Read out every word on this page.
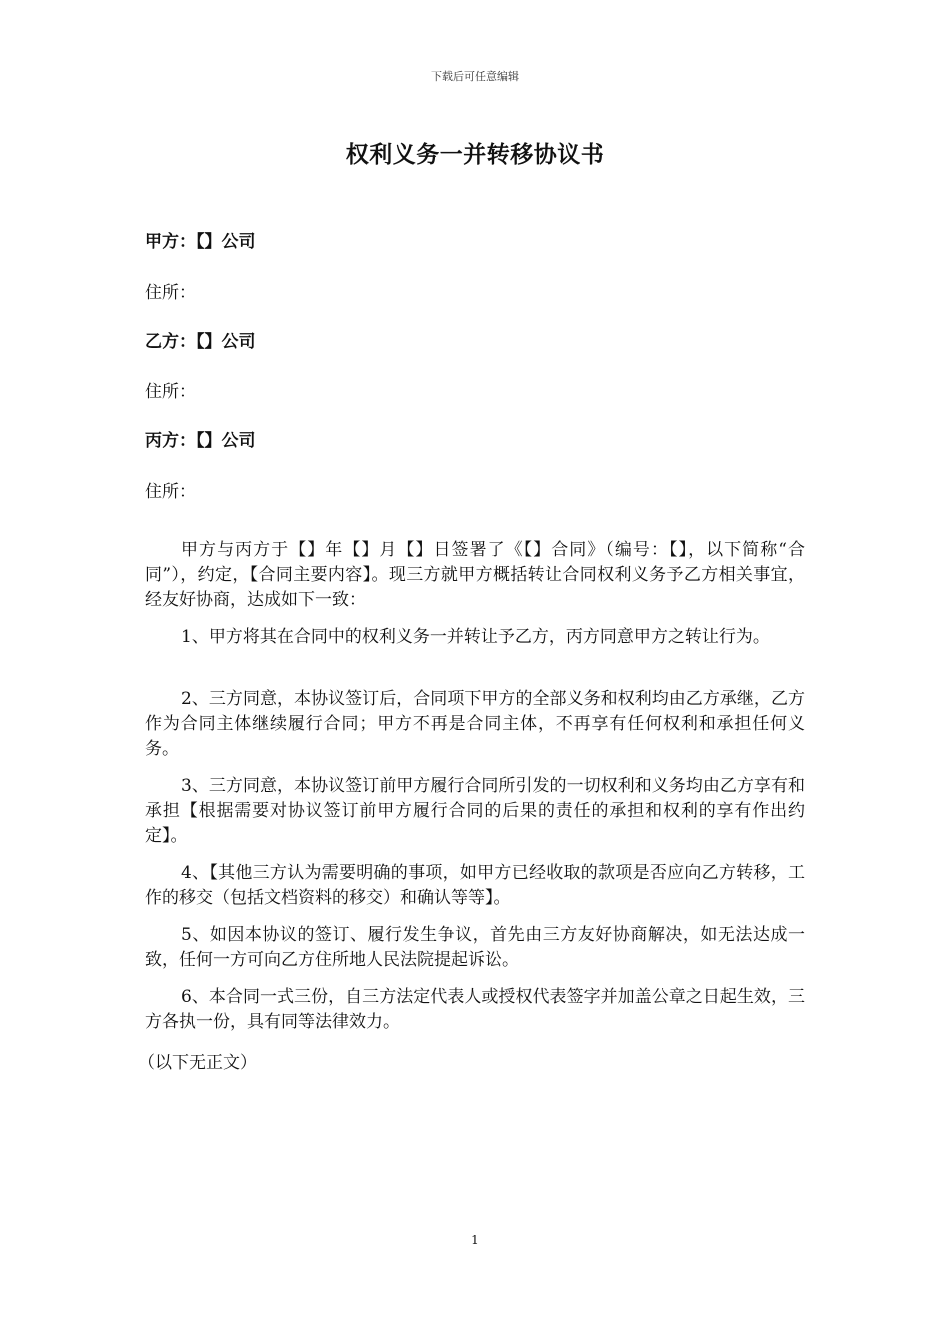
下载后可任意编辑
权利义务一并转移协议书
甲方：【】公司
住所：
乙方：【】公司
住所：
丙方：【】公司
住所：

甲方与丙方于【】年【】月【】日签署了《【】合同》（编号：【】，以下简称“合同”），约定，【合同主要内容】。现三方就甲方概括转让合同权利义务予乙方相关事宜，经友好协商，达成如下一致：

1、甲方将其在合同中的权利义务一并转让予乙方，丙方同意甲方之转让行为。

2、三方同意，本协议签订后，合同项下甲方的全部义务和权利均由乙方承继，乙方作为合同主体继续履行合同；甲方不再是合同主体，不再享有任何权利和承担任何义务。

3、三方同意，本协议签订前甲方履行合同所引发的一切权利和义务均由乙方享有和承担【根据需要对协议签订前甲方履行合同的后果的责任的承担和权利的享有作出约定】。

4、【其他三方认为需要明确的事项，如甲方已经收取的款项是否应向乙方转移，工作的移交（包括文档资料的移交）和确认等等】。

5、如因本协议的签订、履行发生争议，首先由三方友好协商解决，如无法达成一致，任何一方可向乙方住所地人民法院提起诉讼。

6、本合同一式三份，自三方法定代表人或授权代表签字并加盖公章之日起生效，三方各执一份，具有同等法律效力。

（以下无正文）
1
